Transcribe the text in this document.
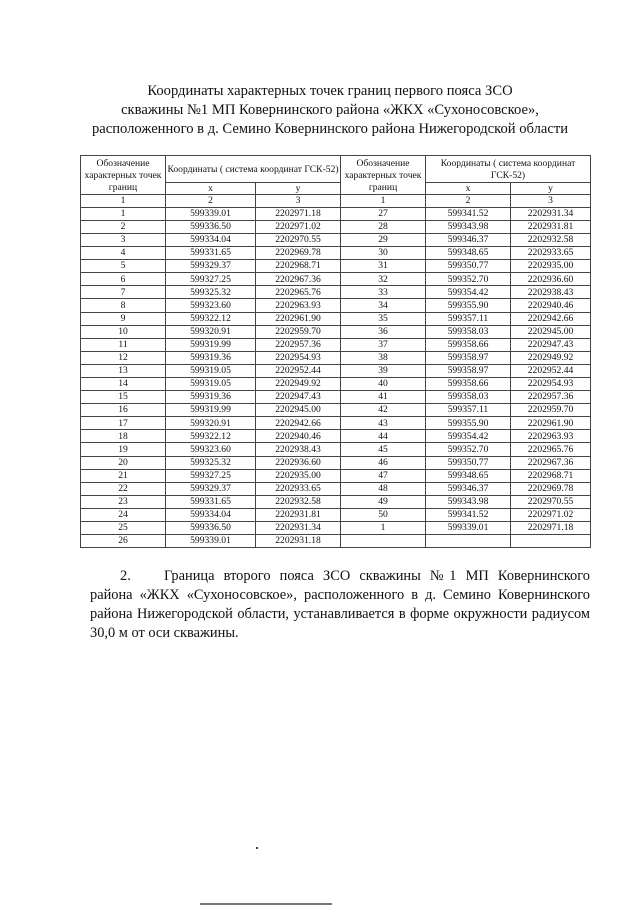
Координаты характерных точек границ первого пояса ЗСО
скважины №1 МП Ковернинского района «ЖКХ «Сухоносовское»,
расположенного в д. Семино Ковернинского района Нижегородской области
Обозначение характерных точек границ	Координаты ( система координат ГСК-52)		Обозначение характерных точек границ	Координаты ( система координат ГСК-52)	
	x	y		x	y
1	2	3	1	2	3
1	599339.01	2202971.18	27	599341.52	2202931.34
2	599336.50	2202971.02	28	599343.98	2202931.81
3	599334.04	2202970.55	29	599346.37	2202932.58
4	599331.65	2202969.78	30	599348.65	2202933.65
5	599329.37	2202968.71	31	599350.77	2202935.00
6	599327.25	2202967.36	32	599352.70	2202936.60
7	599325.32	2202965.76	33	599354.42	2202938.43
8	599323.60	2202963.93	34	599355.90	2202940.46
9	599322.12	2202961.90	35	599357.11	2202942.66
10	599320.91	2202959.70	36	599358.03	2202945.00
11	599319.99	2202957.36	37	599358.66	2202947.43
12	599319.36	2202954.93	38	599358.97	2202949.92
13	599319.05	2202952.44	39	599358.97	2202952.44
14	599319.05	2202949.92	40	599358.66	2202954.93
15	599319.36	2202947.43	41	599358.03	2202957.36
16	599319.99	2202945.00	42	599357.11	2202959.70
17	599320.91	2202942.66	43	599355.90	2202961.90
18	599322.12	2202940.46	44	599354.42	2202963.93
19	599323.60	2202938.43	45	599352.70	2202965.76
20	599325.32	2202936.60	46	599350.77	2202967.36
21	599327.25	2202935.00	47	599348.65	2202968.71
22	599329.37	2202933.65	48	599346.37	2202969.78
23	599331.65	2202932.58	49	599343.98	2202970.55
24	599334.04	2202931.81	50	599341.52	2202971.02
25	599336.50	2202931.34	1	599339.01	2202971.18
26	599339.01	2202931.18			
2. Граница второго пояса ЗСО скважины №1 МП Ковернинского района «ЖКХ «Сухоносовское», расположенного в д. Семино Ковернинского района Нижегородской области, устанавливается в форме окружности радиусом 30,0 м от оси скважины.
